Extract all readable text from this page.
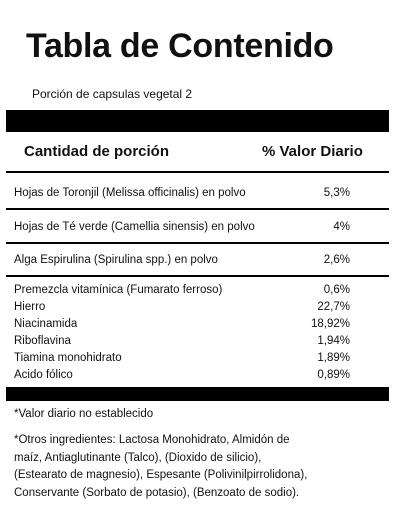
Tabla de Contenido
Porción de capsulas vegetal 2
Cantidad de porción	% Valor Diario
Hojas de Toronjil (Melissa officinalis) en polvo	5,3%
Hojas de Té verde (Camellia sinensis) en polvo	4%
Alga Espirulina (Spirulina spp.) en polvo	2,6%
Premezcla vitamínica (Fumarato ferroso)	0,6%
Hierro	22,7%
Niacinamida	18,92%
Riboflavina	1,94%
Tiamina monohidrato	1,89%
Acido fólico	0,89%
*Valor diario no establecido
*Otros ingredientes: Lactosa Monohidrato, Almidón de
maíz, Antiaglutinante (Talco), (Dioxido de silicio),
(Estearato de magnesio), Espesante (Polivinilpirrolidona),
Conservante (Sorbato de potasio), (Benzoato de sodio).
